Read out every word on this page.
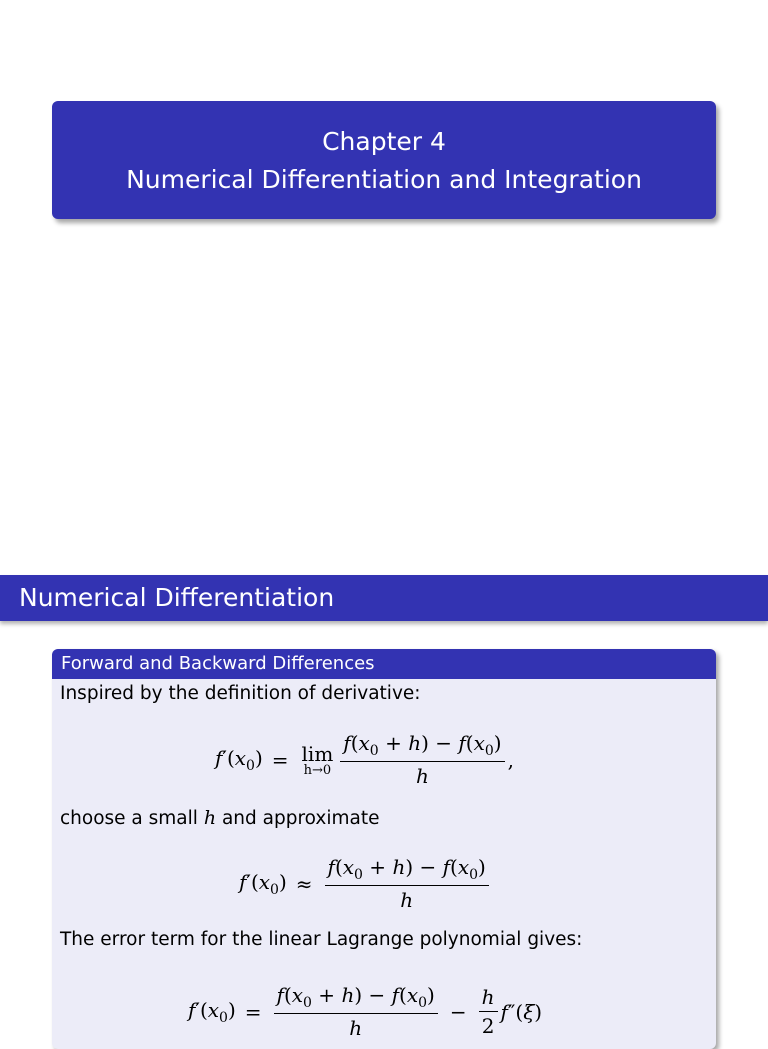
Chapter 4
Numerical Differentiation and Integration
Numerical Differentiation
Forward and Backward Differences
Inspired by the definition of derivative:
$f'(x_0) = \lim$
$h\to 0 \frac{f(x_0 + h) - f(x_0)}{h}$ ,
choose a small h and approximate
$f'(x_0) \approx \frac{f(x_0 + h) - f(x_0)}{h}$
The error term for the linear Lagrange polynomial gives:
$f'(x_0) = \frac{f(x_0 + h) - f(x_0)}{h} - \frac{h}{2} f''(\xi)$
